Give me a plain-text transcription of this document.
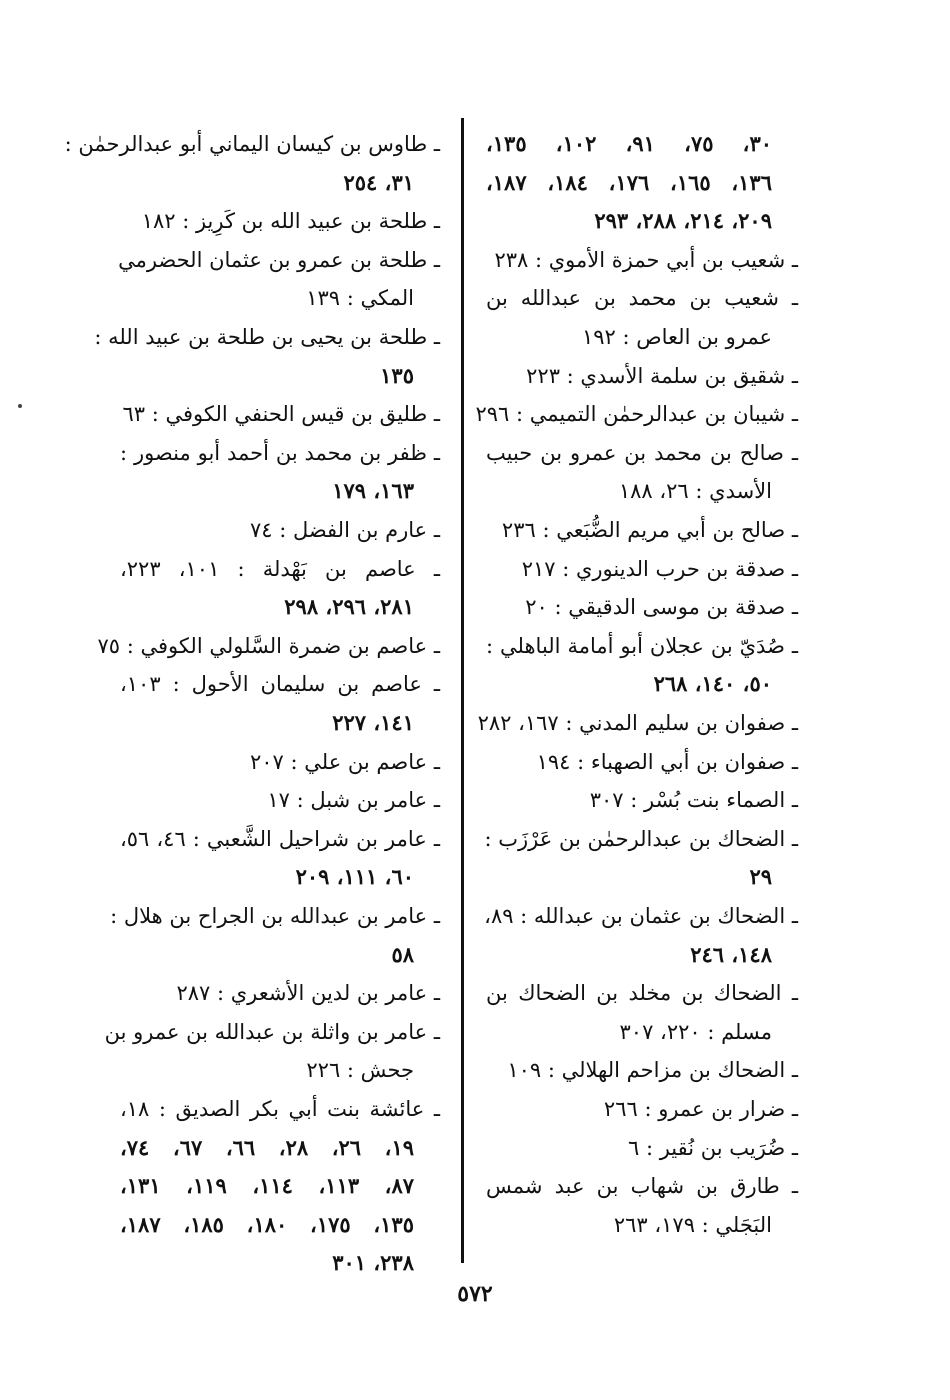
٣٠، ٧٥، ٩١، ١٠٢، ١٣٥،
١٣٦، ١٦٥، ١٧٦، ١٨٤، ١٨٧،
٢٠٩، ٢١٤، ٢٨٨، ٢٩٣
ـ شعيب بن أبي حمزة الأموي : ٢٣٨
ـ شعيب بن محمد بن عبدالله بن
عمرو بن العاص : ١٩٢
ـ شقيق بن سلمة الأسدي : ٢٢٣
ـ شيبان بن عبدالرحمٰن التميمي : ٢٩٦
ـ صالح بن محمد بن عمرو بن حبيب
الأسدي : ٢٦، ١٨٨
ـ صالح بن أبي مريم الضُّبَعي : ٢٣٦
ـ صدقة بن حرب الدينوري : ٢١٧
ـ صدقة بن موسى الدقيقي : ٢٠
ـ صُدَيّ بن عجلان أبو أمامة الباهلي :
٥٠، ١٤٠، ٢٦٨
ـ صفوان بن سليم المدني : ١٦٧، ٢٨٢
ـ صفوان بن أبي الصهباء : ١٩٤
ـ الصماء بنت بُسْر : ٣٠٧
ـ الضحاك بن عبدالرحمٰن بن عَرْزَب :
٢٩
ـ الضحاك بن عثمان بن عبدالله : ٨٩،
١٤٨، ٢٤٦
ـ الضحاك بن مخلد بن الضحاك بن
مسلم : ٢٢٠، ٣٠٧
ـ الضحاك بن مزاحم الهلالي : ١٠٩
ـ ضرار بن عمرو : ٢٦٦
ـ ضُرَيب بن نُقير : ٦
ـ طارق بن شهاب بن عبد شمس
البَجَلي : ١٧٩، ٢٦٣
ـ طاوس بن كيسان اليماني أبو عبدالرحمٰن :
٣١، ٢٥٤
ـ طلحة بن عبيد الله بن كَرِيز : ١٨٢
ـ طلحة بن عمرو بن عثمان الحضرمي
المكي : ١٣٩
ـ طلحة بن يحيى بن طلحة بن عبيد الله :
١٣٥
ـ طليق بن قيس الحنفي الكوفي : ٦٣
ـ ظفر بن محمد بن أحمد أبو منصور :
١٦٣، ١٧٩
ـ عارم بن الفضل : ٧٤
ـ عاصم بن بَهْدلة : ١٠١، ٢٢٣،
٢٨١، ٢٩٦، ٢٩٨
ـ عاصم بن ضمرة السَّلولي الكوفي : ٧٥
ـ عاصم بن سليمان الأحول : ١٠٣،
١٤١، ٢٢٧
ـ عاصم بن علي : ٢٠٧
ـ عامر بن شبل : ١٧
ـ عامر بن شراحيل الشَّعبي : ٤٦، ٥٦،
٦٠، ١١١، ٢٠٩
ـ عامر بن عبدالله بن الجراح بن هلال :
٥٨
ـ عامر بن لدين الأشعري : ٢٨٧
ـ عامر بن واثلة بن عبدالله بن عمرو بن
جحش : ٢٢٦
ـ عائشة بنت أبي بكر الصديق : ١٨،
١٩، ٢٦، ٢٨، ٦٦، ٦٧، ٧٤،
٨٧، ١١٣، ١١٤، ١١٩، ١٣١،
١٣٥، ١٧٥، ١٨٠، ١٨٥، ١٨٧،
٢٣٨، ٣٠١
٥٧٢
